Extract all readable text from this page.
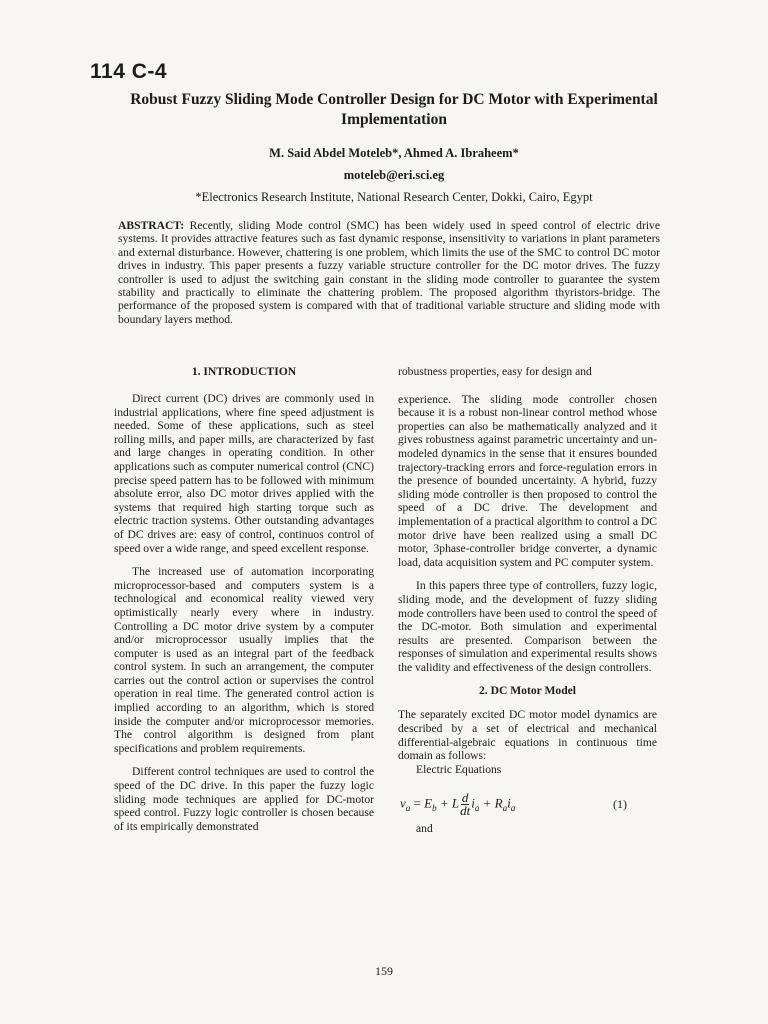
114 C-4
Robust Fuzzy Sliding Mode Controller Design for DC Motor with Experimental Implementation
M. Said Abdel Moteleb*, Ahmed A. Ibraheem*
moteleb@eri.sci.eg
*Electronics Research Institute, National Research Center, Dokki, Cairo, Egypt

ABSTRACT: Recently, sliding Mode control (SMC) has been widely used in speed control of electric drive systems. It provides attractive features such as fast dynamic response, insensitivity to variations in plant parameters and external disturbance. However, chattering is one problem, which limits the use of the SMC to control DC motor drives in industry. This paper presents a fuzzy variable structure controller for the DC motor drives. The fuzzy controller is used to adjust the switching gain constant in the sliding mode controller to guarantee the system stability and practically to eliminate the chattering problem. The proposed algorithm thyristors-bridge. The performance of the proposed system is compared with that of traditional variable structure and sliding mode with boundary layers method.

1. INTRODUCTION

Direct current (DC) drives are commonly used in industrial applications, where fine speed adjustment is needed. Some of these applications, such as steel rolling mills, and paper mills, are characterized by fast and large changes in operating condition. In other applications such as computer numerical control (CNC) precise speed pattern has to be followed with minimum absolute error, also DC motor drives applied with the systems that required high starting torque such as electric traction systems. Other outstanding advantages of DC drives are: easy of control, continuos control of speed over a wide range, and speed excellent response.

The increased use of automation incorporating microprocessor-based and computers system is a technological and economical reality viewed very optimistically nearly every where in industry. Controlling a DC motor drive system by a computer and/or microprocessor usually implies that the computer is used as an integral part of the feedback control system. In such an arrangement, the computer carries out the control action or supervises the control operation in real time. The generated control action is implied according to an algorithm, which is stored inside the computer and/or microprocessor memories. The control algorithm is designed from plant specifications and problem requirements.

Different control techniques are used to control the speed of the DC drive. In this paper the fuzzy logic sliding mode techniques are applied for DC-motor speed control. Fuzzy logic controller is chosen because of its empirically demonstrated

robustness properties, easy for design and

experience. The sliding mode controller chosen because it is a robust non-linear control method whose properties can also be mathematically analyzed and it gives robustness against parametric uncertainty and un-modeled dynamics in the sense that it ensures bounded trajectory-tracking errors and force-regulation errors in the presence of bounded uncertainty. A hybrid, fuzzy sliding mode controller is then proposed to control the speed of a DC drive. The development and implementation of a practical algorithm to control a DC motor drive have been realized using a small DC motor, 3phase-controller bridge converter, a dynamic load, data acquisition system and PC computer system.

In this papers three type of controllers, fuzzy logic, sliding mode, and the development of fuzzy sliding mode controllers have been used to control the speed of the DC-motor. Both simulation and experimental results are presented. Comparison between the responses of simulation and experimental results shows the validity and effectiveness of the design controllers.

2. DC Motor Model

The separately excited DC motor model dynamics are described by a set of electrical and mechanical differential-algebraic equations in continuous time domain as follows:

Electric Equations

$v_a = E_b + L \frac{d}{dt} i_a + R_ai_a$	(1)

and

159
